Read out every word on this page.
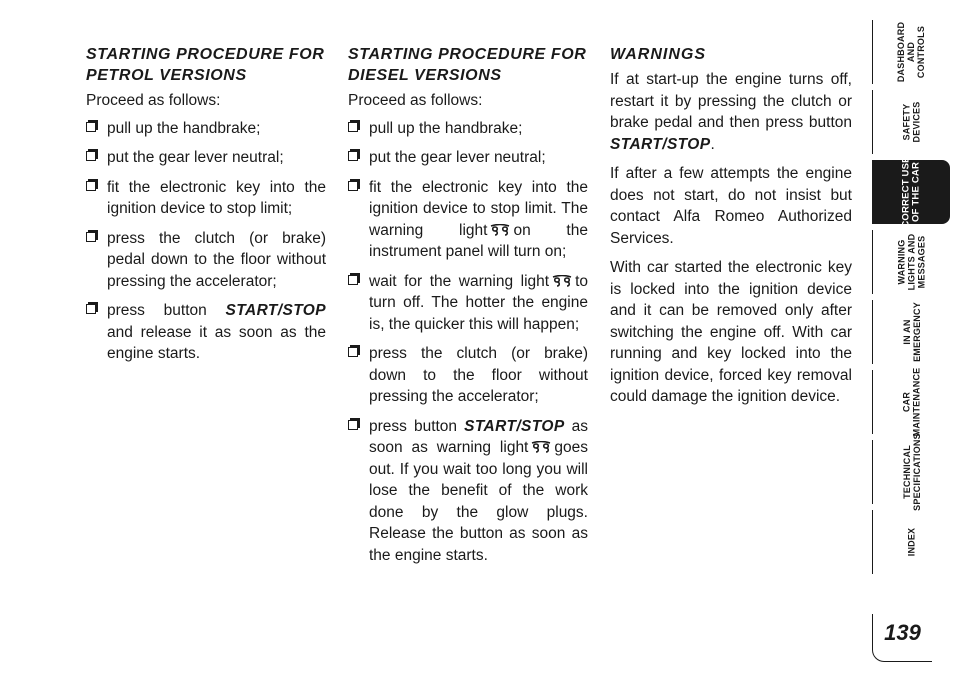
STARTING PROCEDURE FOR PETROL VERSIONS

Proceed as follows:

pull up the handbrake;
put the gear lever neutral;
fit the electronic key into the ignition device to stop limit;
press the clutch (or brake) pedal down to the floor without pressing the accelerator;
press button START/STOP and release it as soon as the engine starts.
STARTING PROCEDURE FOR DIESEL VERSIONS

Proceed as follows:

pull up the handbrake;
put the gear lever neutral;
fit the electronic key into the ignition device to stop limit. The warning light on the instrument panel will turn on;
wait for the warning light to turn off. The hotter the engine is, the quicker this will happen;
press the clutch (or brake) down to the floor without pressing the accelerator;
press button START/STOP as soon as warning light goes out. If you wait too long you will lose the benefit of the work done by the glow plugs. Release the button as soon as the engine starts.
WARNINGS

If at start-up the engine turns off, restart it by pressing the clutch or brake pedal and then press button START/STOP.

If after a few attempts the engine does not start, do not insist but contact Alfa Romeo Authorized Services.

With car started the electronic key is locked into the ignition device and it can be removed only after switching the engine off. With car running and key locked into the ignition device, forced key removal could damage the ignition device.

DASHBOARD
AND
CONTROLS
SAFETY
DEVICES
CORRECT USE
OF THE CAR
WARNING
LIGHTS AND
MESSAGES
IN AN
EMERGENCY
CAR
MAINTENANCE
TECHNICAL
SPECIFICATIONS
INDEX
139
